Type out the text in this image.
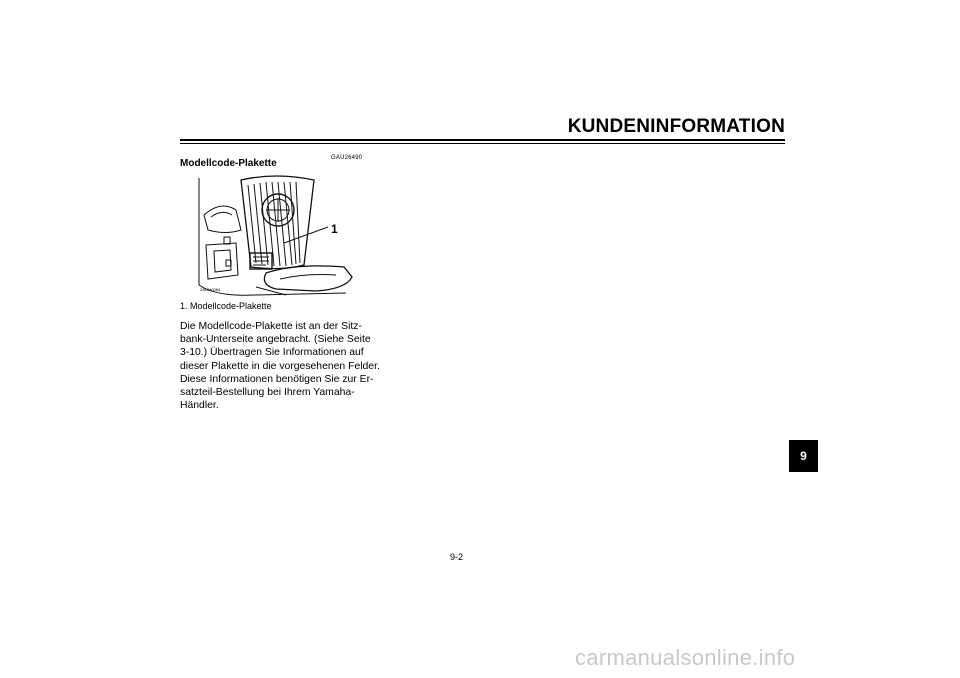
KUNDENINFORMATION
GAU26490
Modellcode-Plakette
1
ZAUM0084
1. Modellcode-Plakette
Die Modellcode-Plakette ist an der Sitz-
bank-Unterseite angebracht. (Siehe Seite
3-10.) Übertragen Sie Informationen auf
dieser Plakette in die vorgesehenen Felder.
Diese Informationen benötigen Sie zur Er-
satzteil-Bestellung bei Ihrem Yamaha-
Händler.
9
9-2
carmanualsonline.info
